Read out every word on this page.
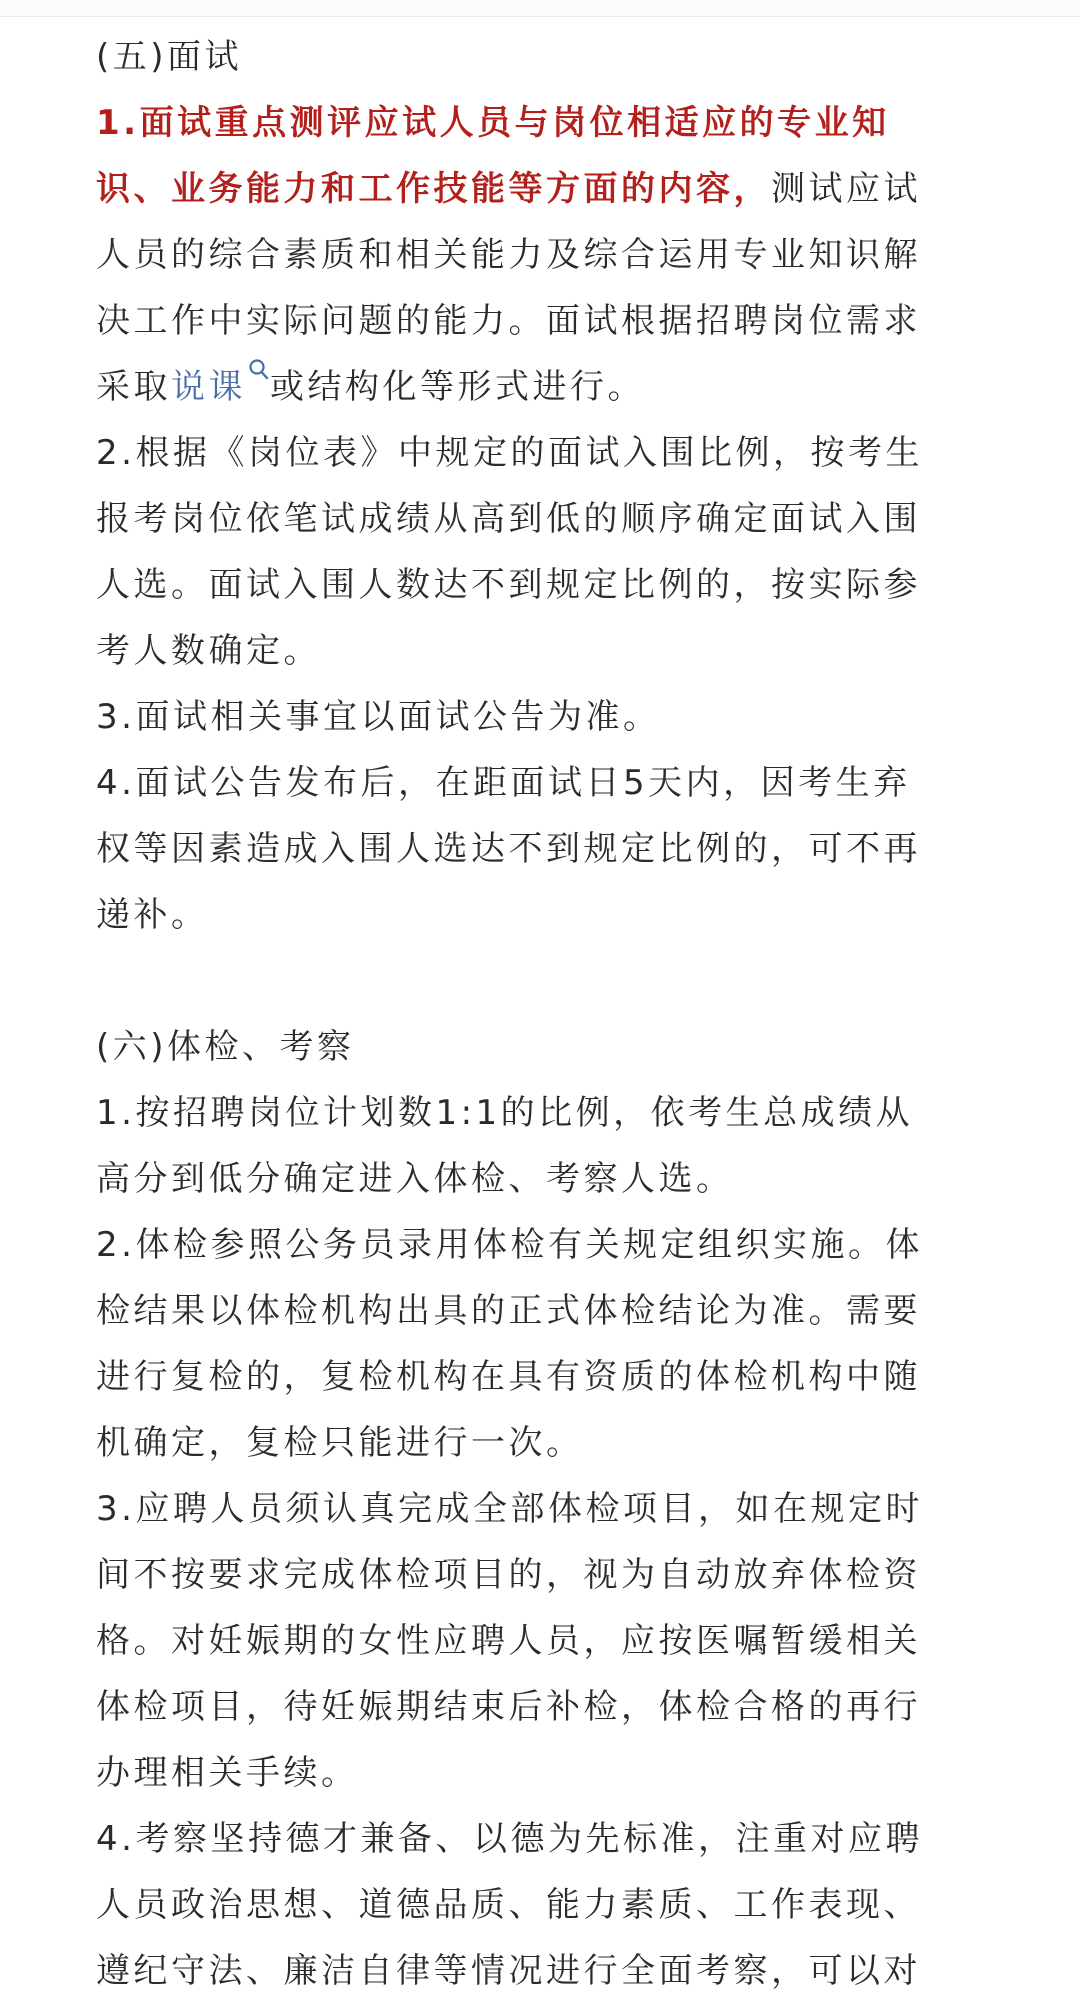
(五)面试
1.面试重点测评应试人员与岗位相适应的专业知
识、业务能力和工作技能等方面的内容，测试应试
人员的综合素质和相关能力及综合运用专业知识解
决工作中实际问题的能力。面试根据招聘岗位需求
采取说课 或结构化等形式进行。
2.根据《岗位表》中规定的面试入围比例，按考生
报考岗位依笔试成绩从高到低的顺序确定面试入围
人选。面试入围人数达不到规定比例的，按实际参
考人数确定。
3.面试相关事宜以面试公告为准。
4.面试公告发布后，在距面试日5天内，因考生弃
权等因素造成入围人选达不到规定比例的，可不再
递补。
(六)体检、考察
1.按招聘岗位计划数1:1的比例，依考生总成绩从
高分到低分确定进入体检、考察人选。
2.体检参照公务员录用体检有关规定组织实施。体
检结果以体检机构出具的正式体检结论为准。需要
进行复检的，复检机构在具有资质的体检机构中随
机确定，复检只能进行一次。
3.应聘人员须认真完成全部体检项目，如在规定时
间不按要求完成体检项目的，视为自动放弃体检资
格。对妊娠期的女性应聘人员，应按医嘱暂缓相关
体检项目，待妊娠期结束后补检，体检合格的再行
办理相关手续。
4.考察坚持德才兼备、以德为先标准，注重对应聘
人员政治思想、道德品质、能力素质、工作表现、
遵纪守法、廉洁自律等情况进行全面考察，可以对
